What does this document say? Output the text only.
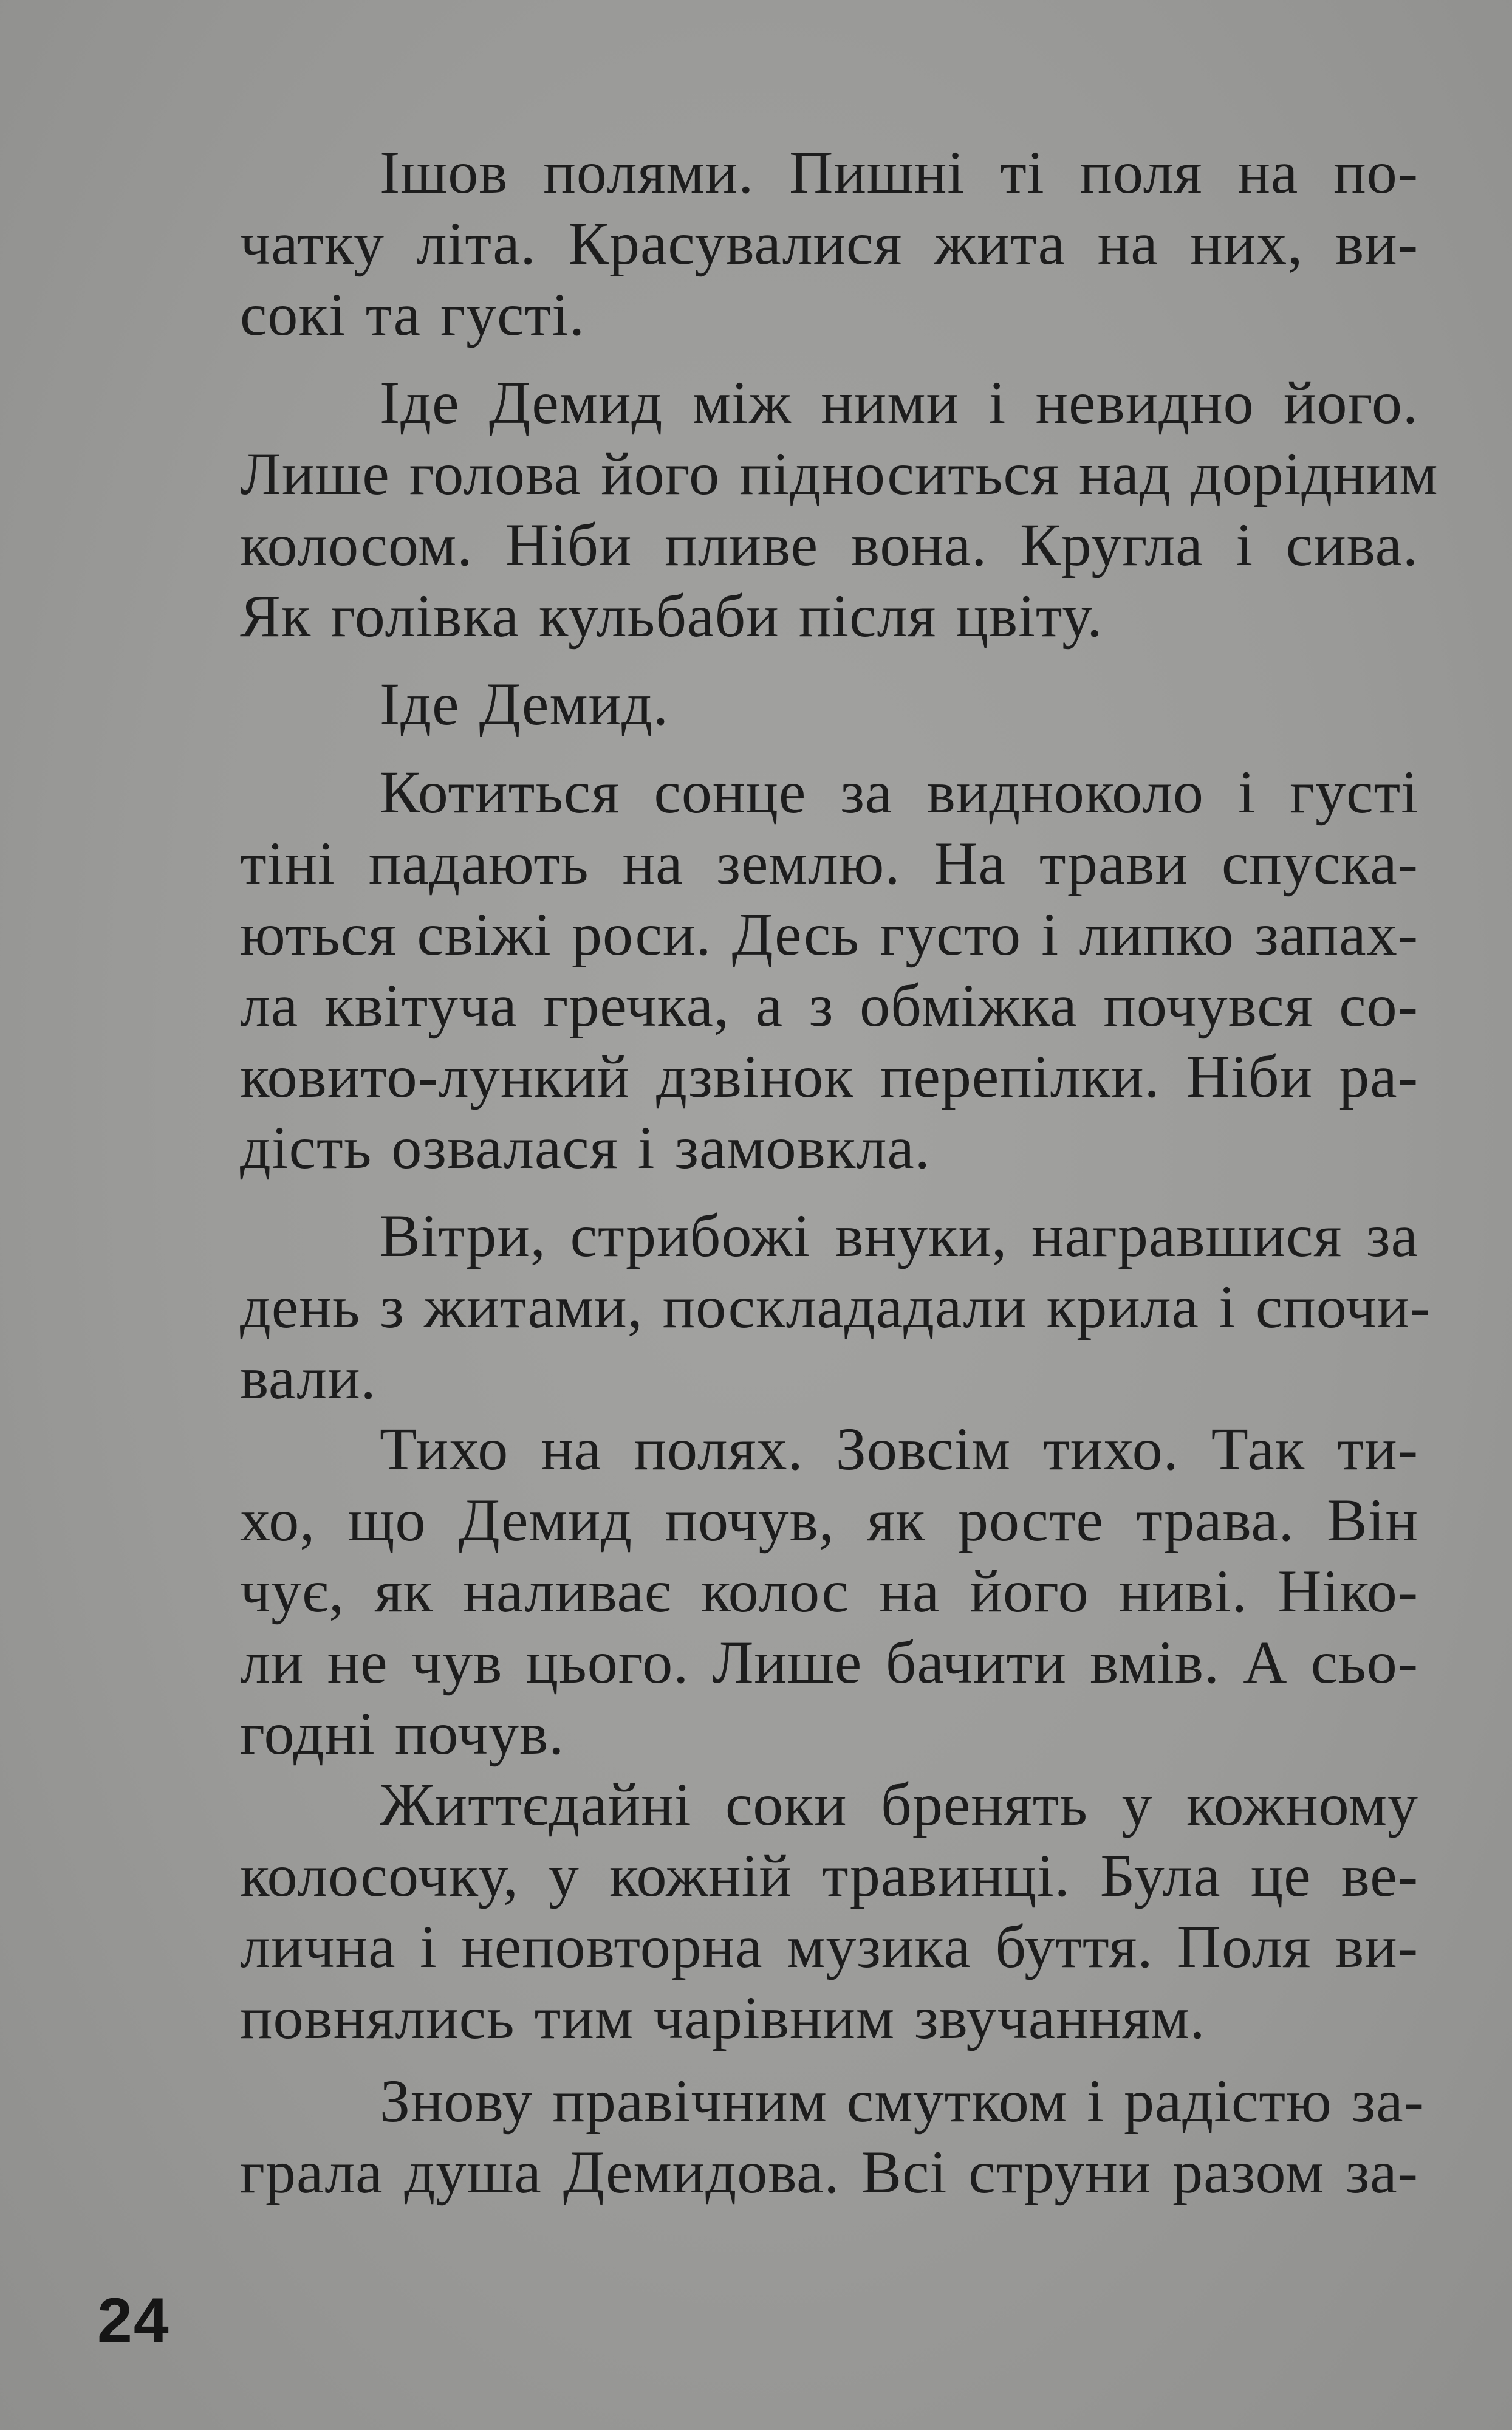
Ішов полями. Пишні ті поля на по-
чатку літа. Красувалися жита на них, ви-
сокі та густі.
Іде Демид між ними і невидно його.
Лише голова його підноситься над дорідним
колосом. Ніби пливе вона. Кругла і сива.
Як голівка кульбаби після цвіту.
Іде Демид.
Котиться сонце за видноколо і густі
тіні падають на землю. На трави спуска-
ються свіжі роси. Десь густо і липко запах-
ла квітуча гречка, а з обміжка почувся со-
ковито-лункий дзвінок перепілки. Ніби ра-
дість озвалася і замовкла.
Вітри, стрибожі внуки, награвшися за
день з житами, посклададали крила і спочи-
вали.
Тихо на полях. Зовсім тихо. Так ти-
хо, що Демид почув, як росте трава. Він
чує, як наливає колос на його ниві. Ніко-
ли не чув цього. Лише бачити вмів. А сьо-
годні почув.
Життєдайні соки бренять у кожному
колосочку, у кожній травинці. Була це ве-
лична і неповторна музика буття. Поля ви-
повнялись тим чарівним звучанням.
Знову правічним смутком і радістю за-
грала душа Демидова. Всі струни разом за-
24
